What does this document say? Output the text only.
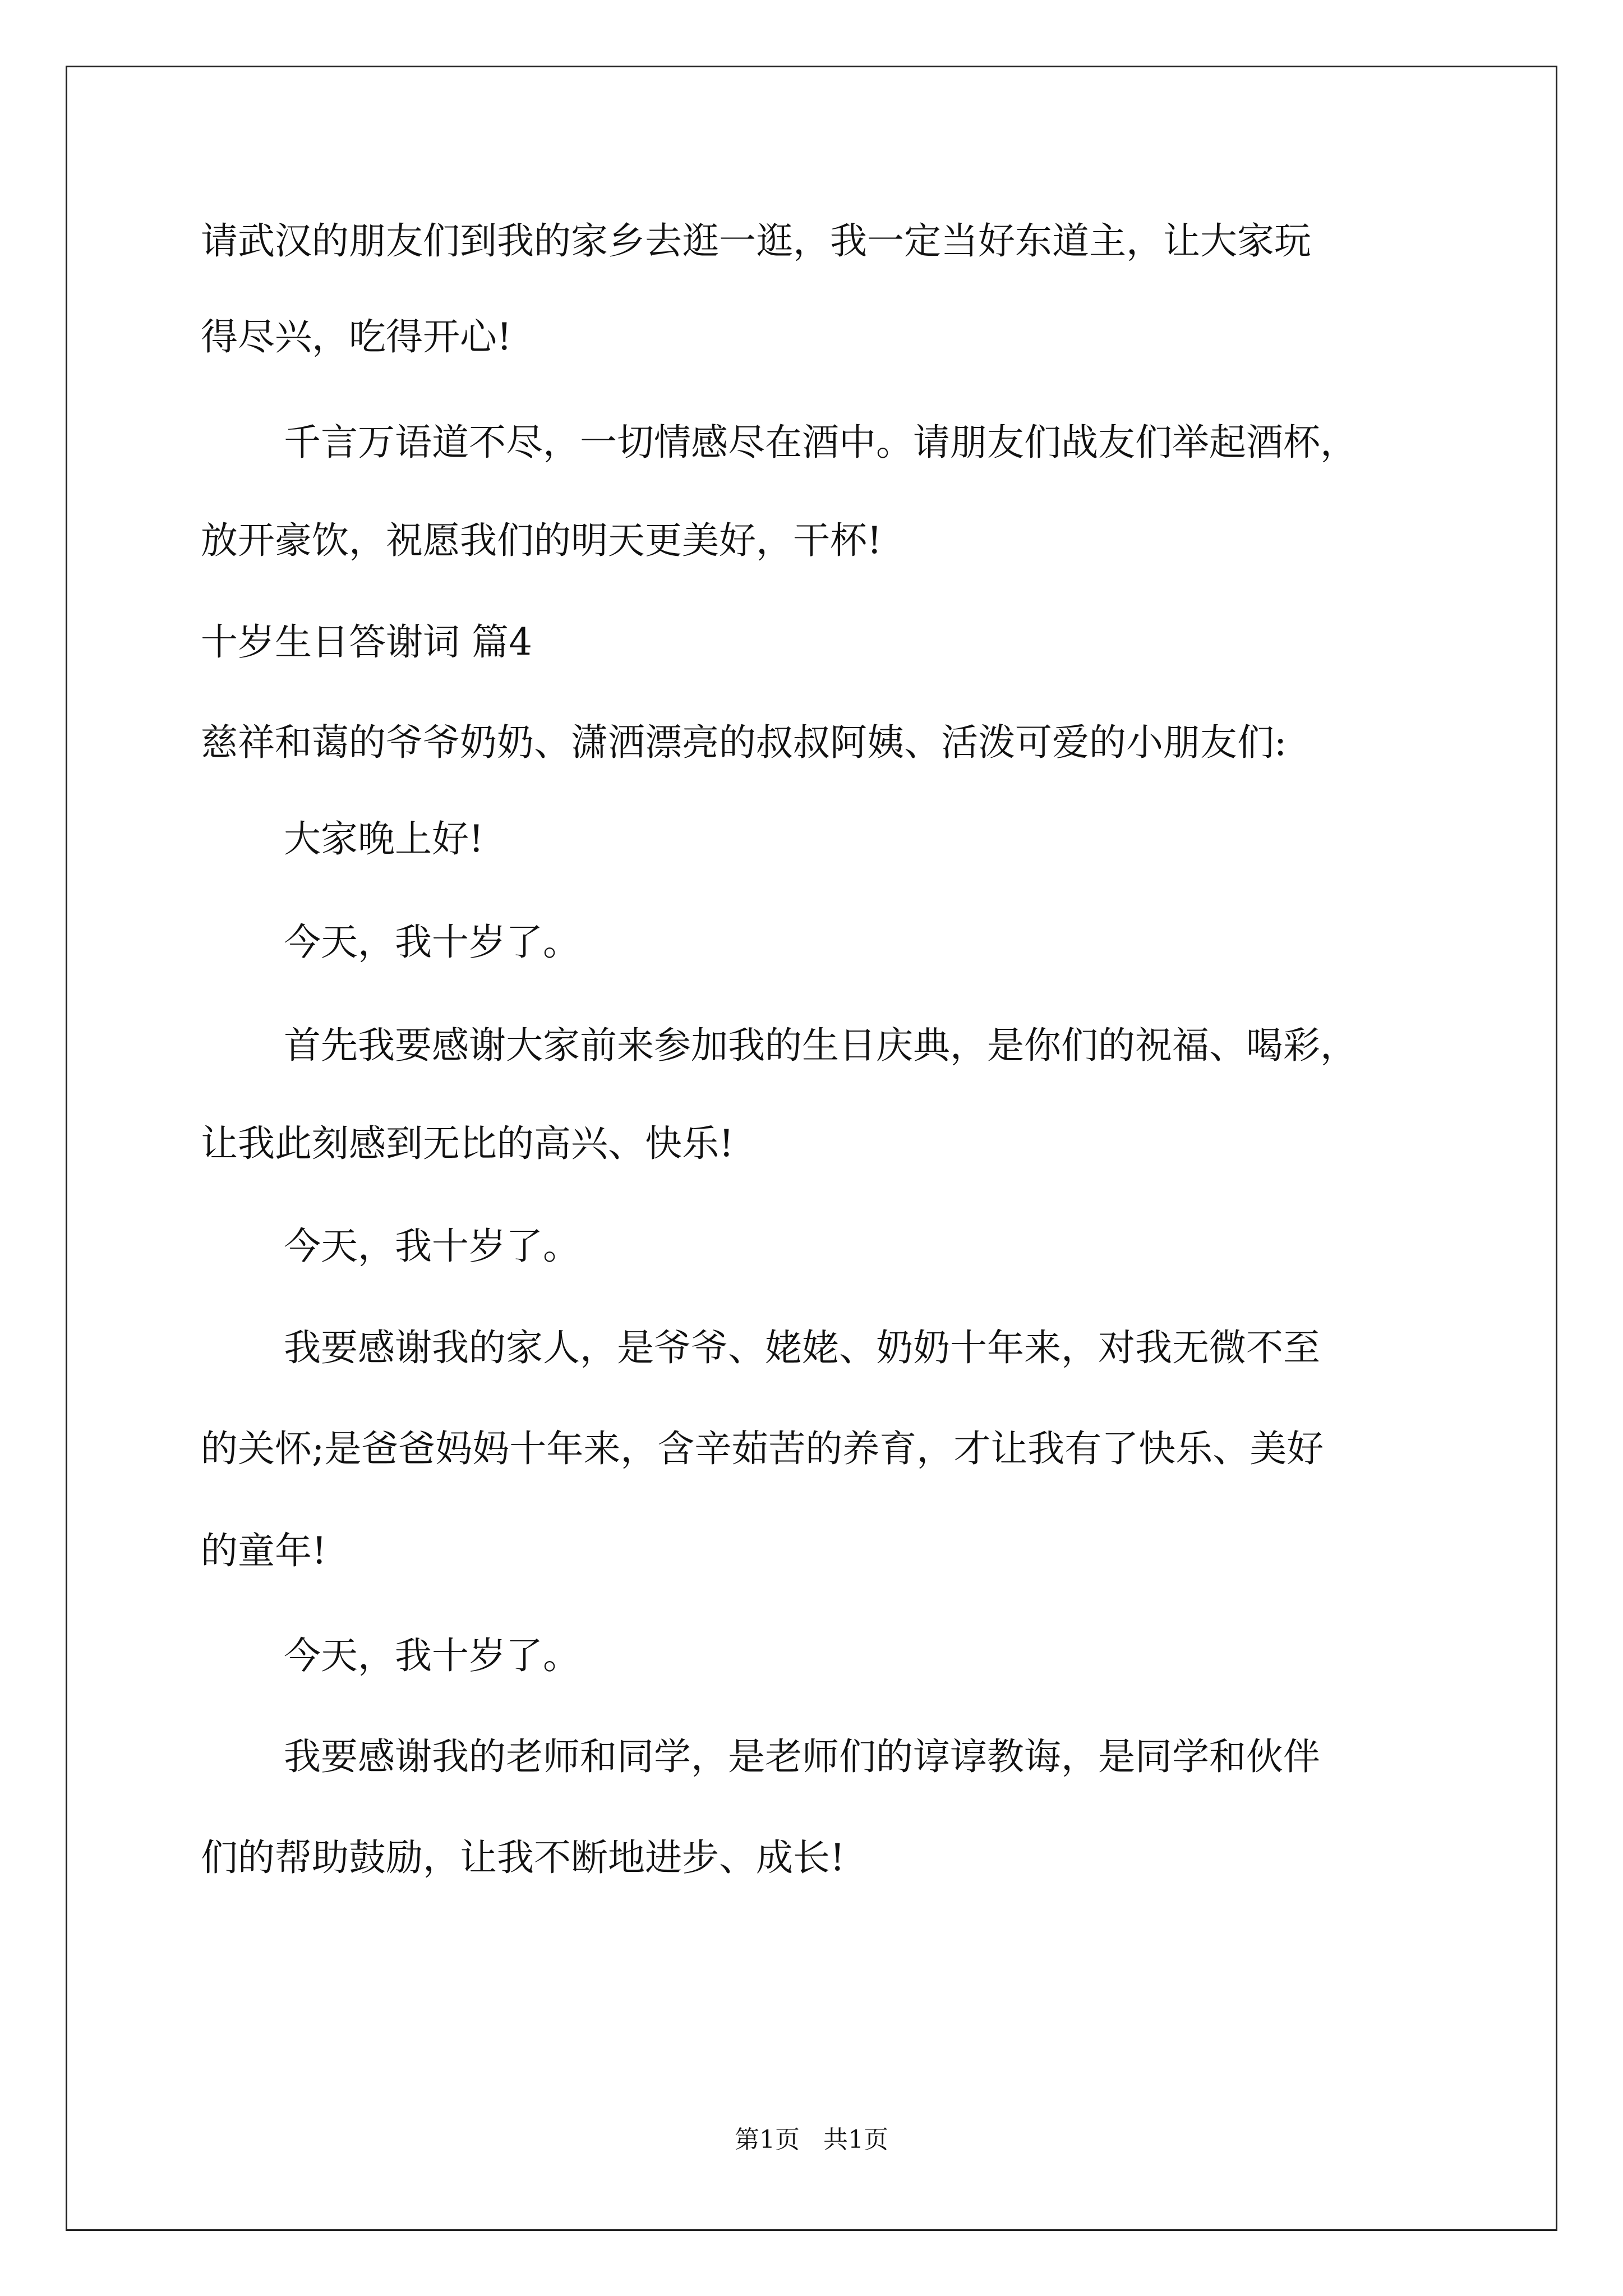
请武汉的朋友们到我的家乡去逛一逛，我一定当好东道主，让大家玩

得尽兴，吃得开心!

千言万语道不尽，一切情感尽在酒中。请朋友们战友们举起酒杯，

放开豪饮，祝愿我们的明天更美好，干杯!

十岁生日答谢词 篇4

慈祥和蔼的爷爷奶奶、潇洒漂亮的叔叔阿姨、活泼可爱的小朋友们:

大家晚上好!

今天，我十岁了。

首先我要感谢大家前来参加我的生日庆典，是你们的祝福、喝彩，

让我此刻感到无比的高兴、快乐!

今天，我十岁了。

我要感谢我的家人，是爷爷、姥姥、奶奶十年来，对我无微不至

的关怀;是爸爸妈妈十年来，含辛茹苦的养育，才让我有了快乐、美好

的童年!

今天，我十岁了。

我要感谢我的老师和同学，是老师们的谆谆教诲，是同学和伙伴

们的帮助鼓励，让我不断地进步、成长!

第1页 共1页
